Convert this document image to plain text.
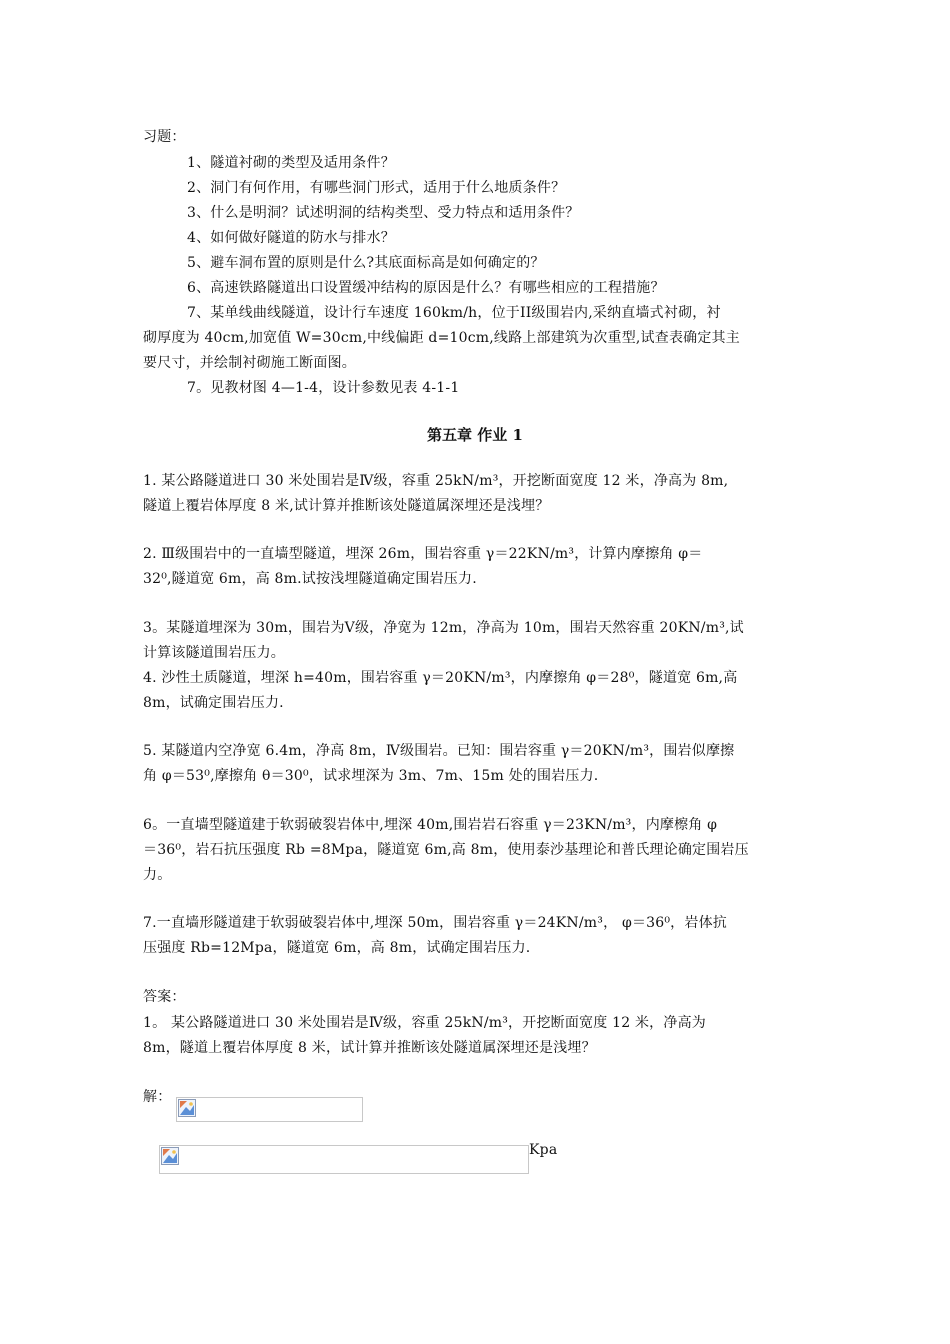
习题：
1、隧道衬砌的类型及适用条件？
2、洞门有何作用，有哪些洞门形式，适用于什么地质条件？
3、什么是明洞？试述明洞的结构类型、受力特点和适用条件？
4、如何做好隧道的防水与排水？
5、避车洞布置的原则是什么?其底面标高是如何确定的？
6、高速铁路隧道出口设置缓冲结构的原因是什么？有哪些相应的工程措施？
7、某单线曲线隧道，设计行车速度 160km/h，位于II级围岩内,采纳直墙式衬砌，衬
砌厚度为 40cm,加宽值 W=30cm,中线偏距 d=10cm,线路上部建筑为次重型,试查表确定其主
要尺寸，并绘制衬砌施工断面图。
7。见教材图 4—1-4，设计参数见表 4-1-1
第五章 作业 1
1. 某公路隧道进口 30 米处围岩是Ⅳ级，容重 25kN/m³，开挖断面宽度 12 米，净高为 8m,
隧道上覆岩体厚度 8 米,试计算并推断该处隧道属深埋还是浅埋？
2. Ⅲ级围岩中的一直墙型隧道，埋深 26m，围岩容重 γ＝22KN/m³，计算内摩擦角 φ＝
32⁰,隧道宽 6m，高 8m.试按浅埋隧道确定围岩压力.
3。某隧道埋深为 30m，围岩为Ⅴ级，净宽为 12m，净高为 10m，围岩天然容重 20KN/m³,试
计算该隧道围岩压力。
4. 沙性土质隧道，埋深 h=40m，围岩容重 γ＝20KN/m³，内摩擦角 φ＝28⁰，隧道宽 6m,高
8m，试确定围岩压力.
5. 某隧道内空净宽 6.4m，净高 8m，Ⅳ级围岩。已知：围岩容重 γ＝20KN/m³，围岩似摩擦
角 φ＝53⁰,摩擦角 θ＝30⁰，试求埋深为 3m、7m、15m 处的围岩压力.
6。一直墙型隧道建于软弱破裂岩体中,埋深 40m,围岩岩石容重 γ＝23KN/m³，内摩檫角 φ
＝36⁰，岩石抗压强度 Rb =8Mpa，隧道宽 6m,高 8m，使用泰沙基理论和普氏理论确定围岩压
力。
7.一直墙形隧道建于软弱破裂岩体中,埋深 50m，围岩容重 γ＝24KN/m³， φ＝36⁰，岩体抗
压强度 Rb=12Mpa，隧道宽 6m，高 8m，试确定围岩压力.
答案：
1。 某公路隧道进口 30 米处围岩是Ⅳ级，容重 25kN/m³，开挖断面宽度 12 米，净高为
8m，隧道上覆岩体厚度 8 米，试计算并推断该处隧道属深埋还是浅埋？
解：
Kpa
